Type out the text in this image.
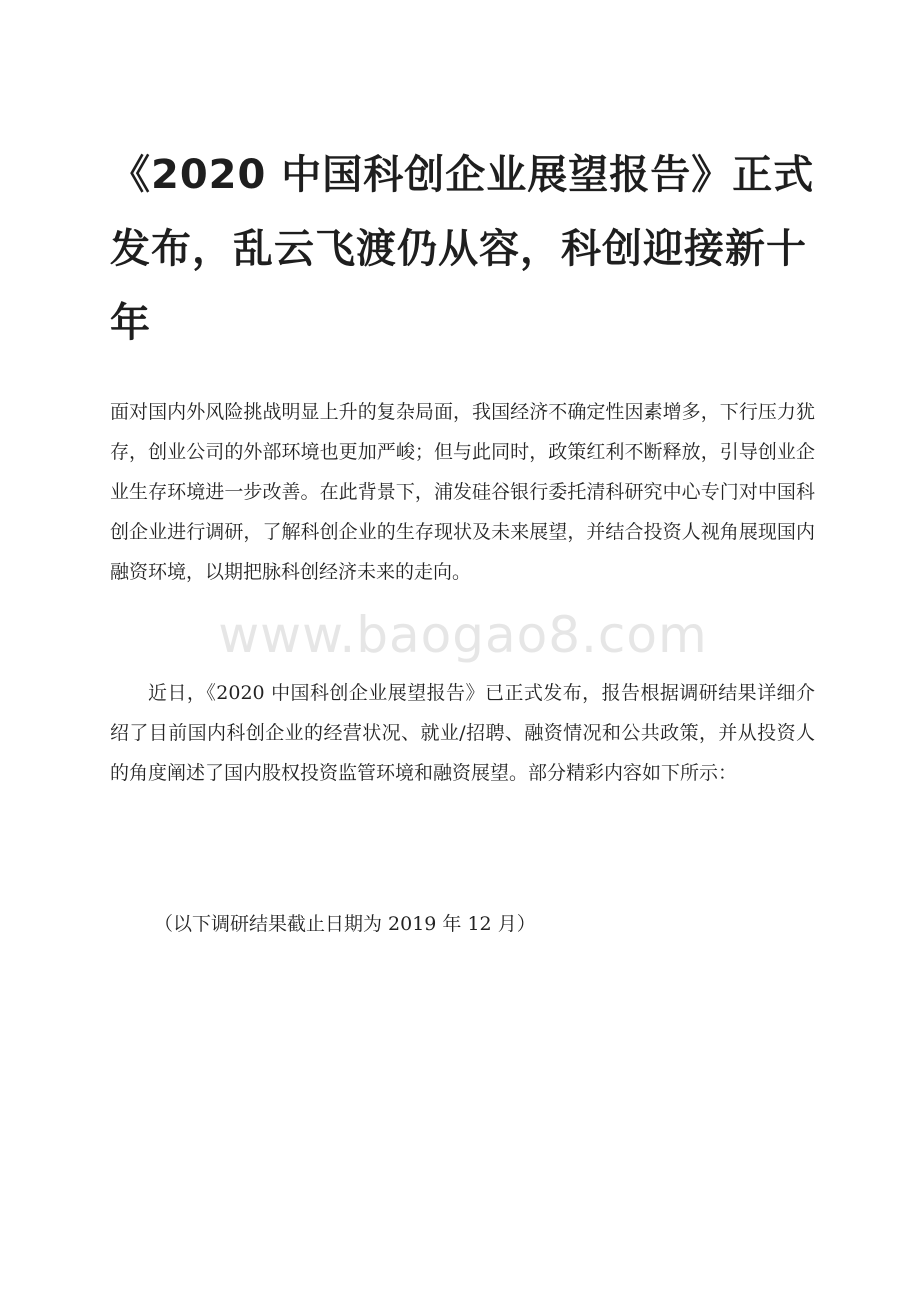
《2020 中国科创企业展望报告》正式发布，乱云飞渡仍从容，科创迎接新十年

面对国内外风险挑战明显上升的复杂局面，我国经济不确定性因素增多，下行压力犹存，创业公司的外部环境也更加严峻；但与此同时，政策红利不断释放，引导创业企业生存环境进一步改善。在此背景下，浦发硅谷银行委托清科研究中心专门对中国科创企业进行调研，了解科创企业的生存现状及未来展望，并结合投资人视角展现国内融资环境，以期把脉科创经济未来的走向。

www.baogao8.com

近日，《2020 中国科创企业展望报告》已正式发布，报告根据调研结果详细介绍了目前国内科创企业的经营状况、就业/招聘、融资情况和公共政策，并从投资人的角度阐述了国内股权投资监管环境和融资展望。部分精彩内容如下所示：

（以下调研结果截止日期为 2019 年 12 月）
